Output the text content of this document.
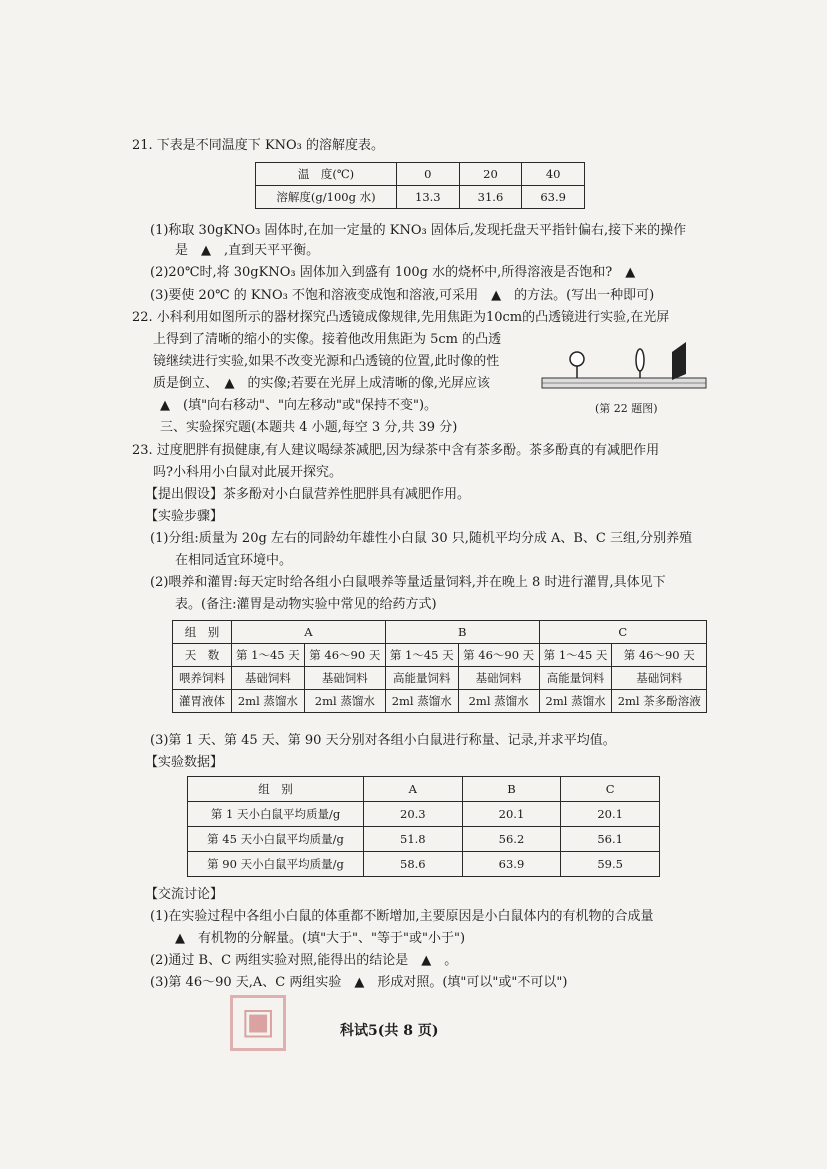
21. 下表是不同温度下 KNO₃ 的溶解度表。
温　度(℃)	0	20	40
溶解度(g/100g 水)	13.3	31.6	63.9
(1)称取 30gKNO₃ 固体时,在加一定量的 KNO₃ 固体后,发现托盘天平指针偏右,接下来的操作
是　▲　,直到天平平衡。
(2)20℃时,将 30gKNO₃ 固体加入到盛有 100g 水的烧杯中,所得溶液是否饱和?　▲
(3)要使 20℃ 的 KNO₃ 不饱和溶液变成饱和溶液,可采用　▲　的方法。(写出一种即可)
22. 小科利用如图所示的器材探究凸透镜成像规律,先用焦距为10cm的凸透镜进行实验,在光屏
上得到了清晰的缩小的实像。接着他改用焦距为 5cm 的凸透
镜继续进行实验,如果不改变光源和凸透镜的位置,此时像的性
质是倒立、　▲　的实像;若要在光屏上成清晰的像,光屏应该
▲　(填"向右移动"、"向左移动"或"保持不变")。	(第 22 题图)
三、实验探究题(本题共 4 小题,每空 3 分,共 39 分)
23. 过度肥胖有损健康,有人建议喝绿茶减肥,因为绿茶中含有茶多酚。茶多酚真的有减肥作用
吗?小科用小白鼠对此展开探究。
【提出假设】茶多酚对小白鼠营养性肥胖具有减肥作用。
【实验步骤】
(1)分组:质量为 20g 左右的同龄幼年雄性小白鼠 30 只,随机平均分成 A、B、C 三组,分别养殖
在相同适宜环境中。
(2)喂养和灌胃:每天定时给各组小白鼠喂养等量适量饲料,并在晚上 8 时进行灌胃,具体见下
表。(备注:灌胃是动物实验中常见的给药方式)
组　别	A		B		C	
天　数	第 1～45 天	第 46～90 天	第 1～45 天	第 46～90 天	第 1～45 天	第 46～90 天
喂养饲料	基础饲料	基础饲料	高能量饲料	基础饲料	高能量饲料	基础饲料
灌胃液体	2ml 蒸馏水	2ml 蒸馏水	2ml 蒸馏水	2ml 蒸馏水	2ml 蒸馏水	2ml 茶多酚溶液
(3)第 1 天、第 45 天、第 90 天分别对各组小白鼠进行称量、记录,并求平均值。
【实验数据】
组　别	A	B	C
第 1 天小白鼠平均质量/g	20.3	20.1	20.1
第 45 天小白鼠平均质量/g	51.8	56.2	56.1
第 90 天小白鼠平均质量/g	58.6	63.9	59.5
【交流讨论】
(1)在实验过程中各组小白鼠的体重都不断增加,主要原因是小白鼠体内的有机物的合成量
▲　有机物的分解量。(填"大于"、"等于"或"小于")
(2)通过 B、C 两组实验对照,能得出的结论是　▲　。
(3)第 46～90 天,A、C 两组实验　▲　形成对照。(填"可以"或"不可以")
▣	科试5(共 8 页)
